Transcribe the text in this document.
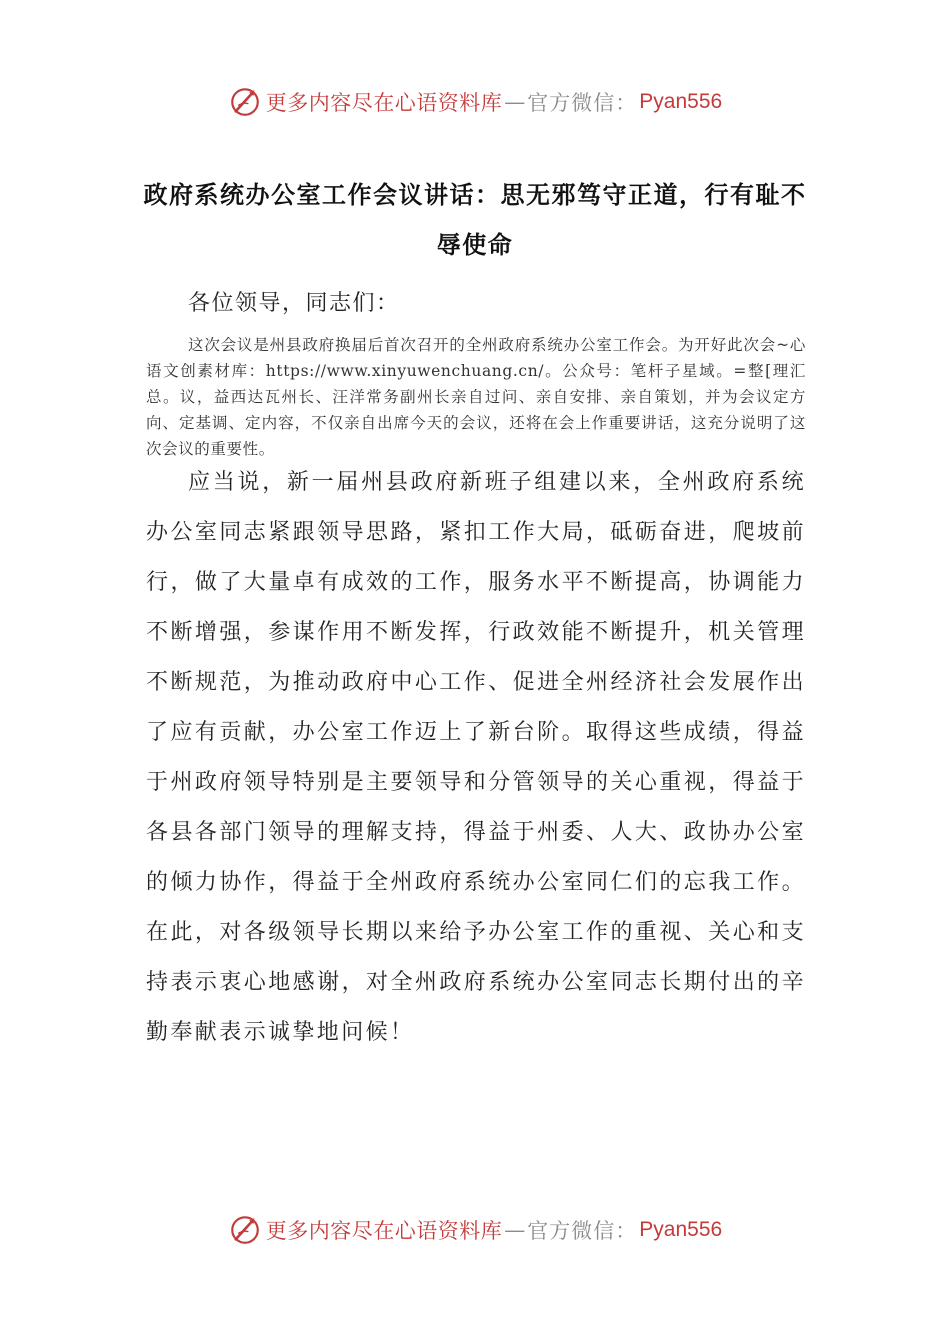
更多内容尽在心语资料库 — 官方微信： Pyan556
政府系统办公室工作会议讲话：思无邪笃守正道，行有耻不辱使命
各位领导，同志们：
这次会议是州县政府换届后首次召开的全州政府系统办公室工作会。为开好此次会~心语文创素材库：https://www.xinyuwenchuang.cn/。公众号：笔杆子星域。=整[理汇总。议，益西达瓦州长、汪洋常务副州长亲自过问、亲自安排、亲自策划，并为会议定方向、定基调、定内容，不仅亲自出席今天的会议，还将在会上作重要讲话，这充分说明了这次会议的重要性。
应当说，新一届州县政府新班子组建以来，全州政府系统办公室同志紧跟领导思路，紧扣工作大局，砥砺奋进，爬坡前行，做了大量卓有成效的工作，服务水平不断提高，协调能力不断增强，参谋作用不断发挥，行政效能不断提升，机关管理不断规范，为推动政府中心工作、促进全州经济社会发展作出了应有贡献，办公室工作迈上了新台阶。取得这些成绩，得益于州政府领导特别是主要领导和分管领导的关心重视，得益于各县各部门领导的理解支持，得益于州委、人大、政协办公室的倾力协作，得益于全州政府系统办公室同仁们的忘我工作。在此，对各级领导长期以来给予办公室工作的重视、关心和支持表示衷心地感谢，对全州政府系统办公室同志长期付出的辛勤奉献表示诚挚地问候！
更多内容尽在心语资料库 — 官方微信： Pyan556
